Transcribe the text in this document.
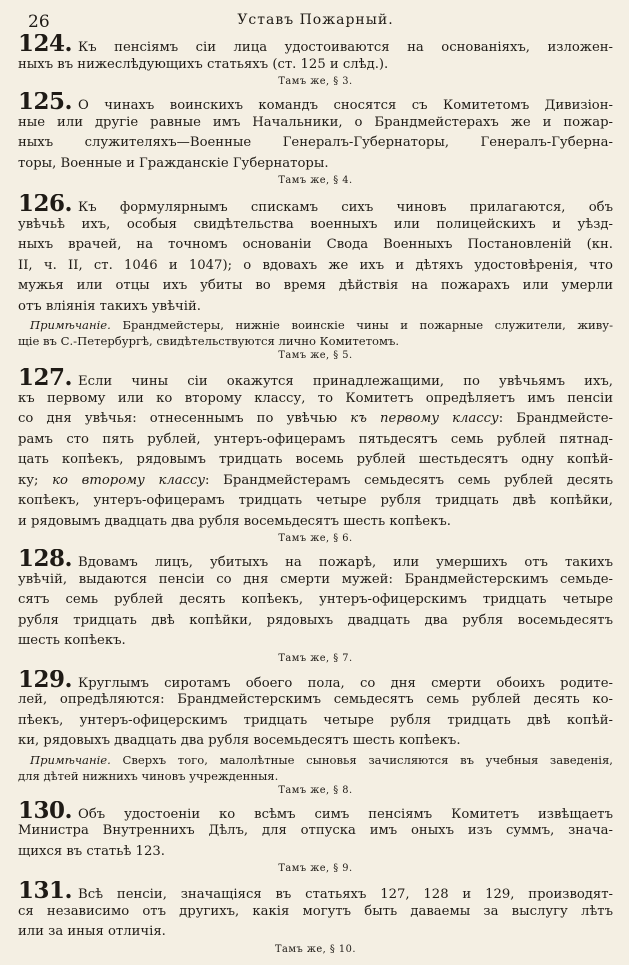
26	Уставъ Пожарный.
124. Къ пенсіямъ сіи лица удостоиваются на основаніяхъ, изложен-
ныхъ въ нижеслѣдующихъ статьяхъ (ст. 125 и слѣд.).
Тамъ же, § 3.
125. О чинахъ воинскихъ командъ сносятся съ Комитетомъ Дивизіон-
ные или другіе равные имъ Начальники, о Брандмейстерахъ же и пожар-
ныхъ служителяхъ—Военные Генералъ-Губернаторы, Генералъ-Губерна-
торы, Военные и Гражданскіе Губернаторы.
Тамъ же, § 4.
126. Къ формулярнымъ спискамъ сихъ чиновъ прилагаются, объ
увѣчьѣ ихъ, особыя свидѣтельства военныхъ или полицейскихъ и уѣзд-
ныхъ врачей, на точномъ основаніи Свода Военныхъ Постановленій (кн.
II, ч. II, ст. 1046 и 1047); о вдовахъ же ихъ и дѣтяхъ удостовѣренія, что
мужья или отцы ихъ убиты во время дѣйствія на пожарахъ или умерли
отъ вліянія такихъ увѣчій.
Примѣчаніе. Брандмейстеры, нижніе воинскіе чины и пожарные служители, живу-
щіе въ С.-Петербургѣ, свидѣтельствуются лично Комитетомъ.
Тамъ же, § 5.
127. Если чины сіи окажутся принадлежащими, по увѣчьямъ ихъ,
къ первому или ко второму классу, то Комитетъ опредѣляетъ имъ пенсіи
со дня увѣчья: отнесеннымъ по увѣчью къ первому классу: Брандмейсте-
рамъ сто пять рублей, унтеръ-офицерамъ пятьдесятъ семь рублей пятнад-
цать копѣекъ, рядовымъ тридцать восемь рублей шестьдесятъ одну копѣй-
ку; ко второму классу: Брандмейстерамъ семьдесятъ семь рублей десять
копѣекъ, унтеръ-офицерамъ тридцать четыре рубля тридцать двѣ копѣйки,
и рядовымъ двадцать два рубля восемьдесятъ шесть копѣекъ.
Тамъ же, § 6.
128. Вдовамъ лицъ, убитыхъ на пожарѣ, или умершихъ отъ такихъ
увѣчій, выдаются пенсіи со дня смерти мужей: Брандмейстерскимъ семьде-
сятъ семь рублей десять копѣекъ, унтеръ-офицерскимъ тридцать четыре
рубля тридцать двѣ копѣйки, рядовыхъ двадцать два рубля восемьдесятъ
шесть копѣекъ.
Тамъ же, § 7.
129. Круглымъ сиротамъ обоего пола, со дня смерти обоихъ родите-
лей, опредѣляются: Брандмейстерскимъ семьдесятъ семь рублей десять ко-
пѣекъ, унтеръ-офицерскимъ тридцать четыре рубля тридцать двѣ копѣй-
ки, рядовыхъ двадцать два рубля восемьдесятъ шесть копѣекъ.
Примѣчаніе. Сверхъ того, малолѣтные сыновья зачисляются въ учебныя заведенія,
для дѣтей нижнихъ чиновъ учрежденныя.
Тамъ же, § 8.
130. Объ удостоеніи ко всѣмъ симъ пенсіямъ Комитетъ извѣщаетъ
Министра Внутреннихъ Дѣлъ, для отпуска имъ оныхъ изъ суммъ, знача-
щихся въ статьѣ 123.
Тамъ же, § 9.
131. Всѣ пенсіи, значащіяся въ статьяхъ 127, 128 и 129, производят-
ся независимо отъ другихъ, какія могутъ быть даваемы за выслугу лѣтъ
или за иныя отличія.
Тамъ же, § 10.
